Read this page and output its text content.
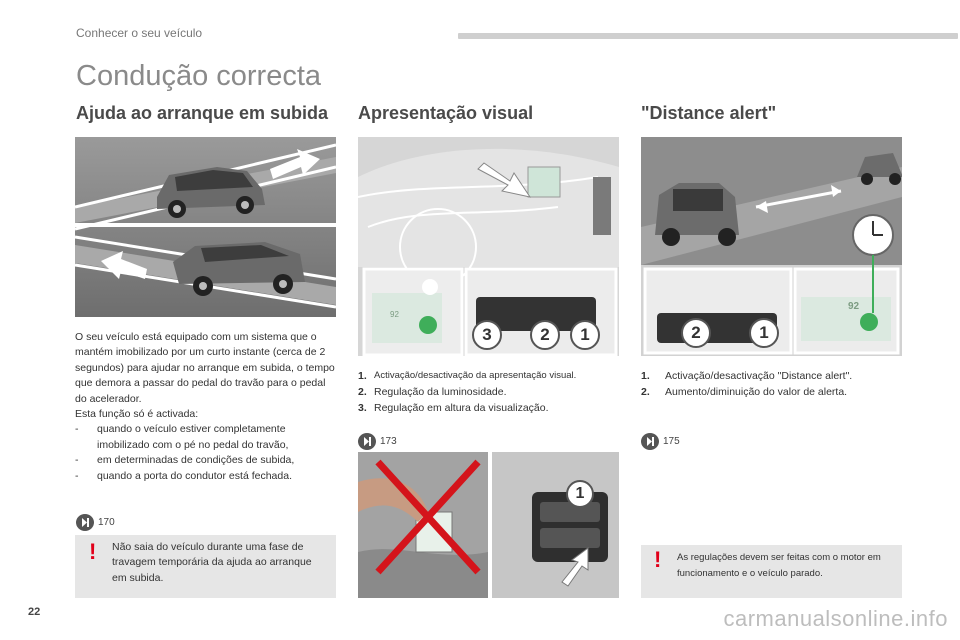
Conhecer o seu veículo
Condução correcta
Ajuda ao arranque em subida

O seu veículo está equipado com um sistema que o mantém imobilizado por um curto instante (cerca de 2 segundos) para ajudar no arranque em subida, o tempo que demora a passar do pedal do travão para o pedal do acelerador.

Esta função só é activada:

-	quando o veículo estiver completamente imobilizado com o pé no pedal do travão,
-	em determinadas de condições de subida,
-	quando a porta do condutor está fechada.
170
! Não saia do veículo durante uma fase de travagem temporária da ajuda ao arranque em subida.
Apresentação visual
92
3	2	1
1. Activação/desactivação da apresentação visual.
2. Regulação da luminosidade.
3. Regulação em altura da visualização.
173
1
"Distance alert"
92
2	1
1.	Activação/desactivação "Distance alert".
2.	Aumento/diminuição do valor de alerta.
175
! As regulações devem ser feitas com o motor em funcionamento e o veículo parado.
22	carmanualsonline.info
